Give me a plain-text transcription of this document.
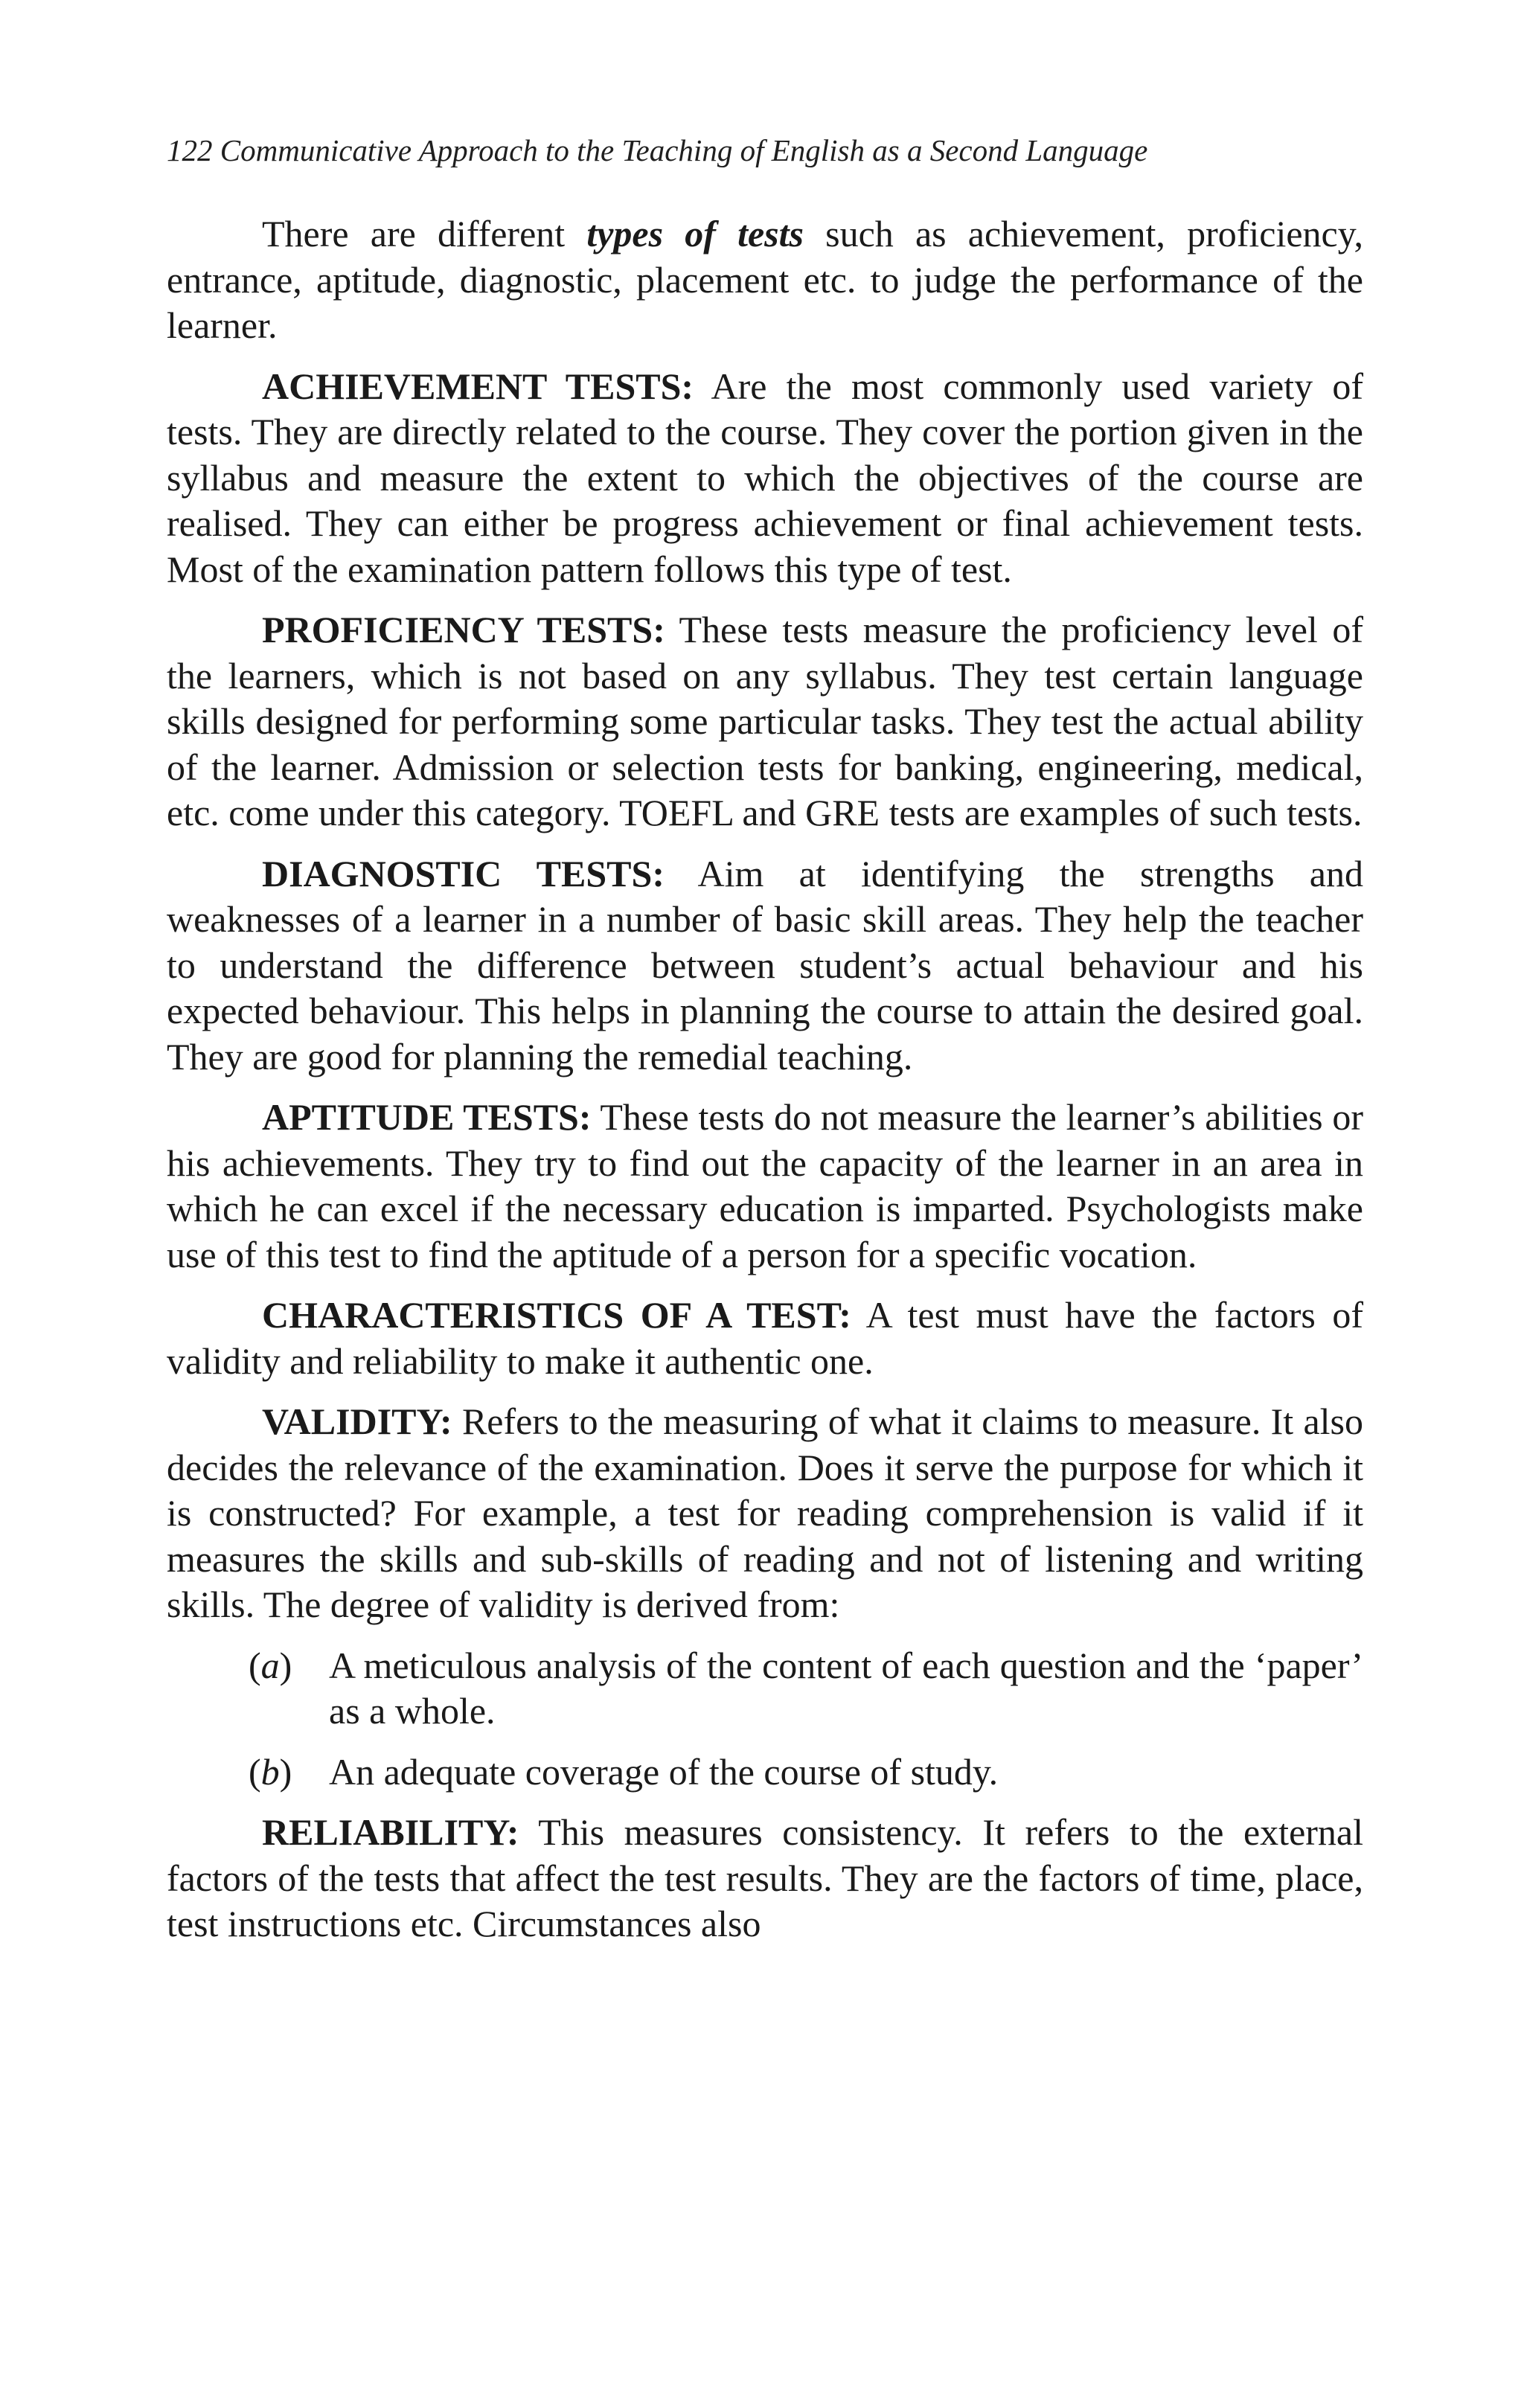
122 Communicative Approach to the Teaching of English as a Second Language

There are different types of tests such as achievement, proficiency, entrance, aptitude, diagnostic, placement etc. to judge the performance of the learner.

ACHIEVEMENT TESTS: Are the most commonly used variety of tests. They are directly related to the course. They cover the portion given in the syllabus and measure the extent to which the objectives of the course are realised. They can either be progress achievement or final achievement tests. Most of the examination pattern follows this type of test.

PROFICIENCY TESTS: These tests measure the proficiency level of the learners, which is not based on any syllabus. They test certain language skills designed for performing some particular tasks. They test the actual ability of the learner. Admission or selection tests for banking, engineering, medical, etc. come under this category. TOEFL and GRE tests are examples of such tests.

DIAGNOSTIC TESTS: Aim at identifying the strengths and weaknesses of a learner in a number of basic skill areas. They help the teacher to understand the difference between student’s actual behaviour and his expected behaviour. This helps in planning the course to attain the desired goal. They are good for planning the remedial teaching.

APTITUDE TESTS: These tests do not measure the learner’s abilities or his achievements. They try to find out the capacity of the learner in an area in which he can excel if the necessary education is imparted. Psychologists make use of this test to find the aptitude of a person for a specific vocation.

CHARACTERISTICS OF A TEST: A test must have the factors of validity and reliability to make it authentic one.

VALIDITY: Refers to the measuring of what it claims to measure. It also decides the relevance of the examination. Does it serve the purpose for which it is constructed? For example, a test for reading comprehension is valid if it measures the skills and sub-skills of reading and not of listening and writing skills. The degree of validity is derived from:

(a) A meticulous analysis of the content of each question and the ‘paper’ as a whole.
(b) An adequate coverage of the course of study.

RELIABILITY: This measures consistency. It refers to the external factors of the tests that affect the test results. They are the factors of time, place, test instructions etc. Circumstances also
